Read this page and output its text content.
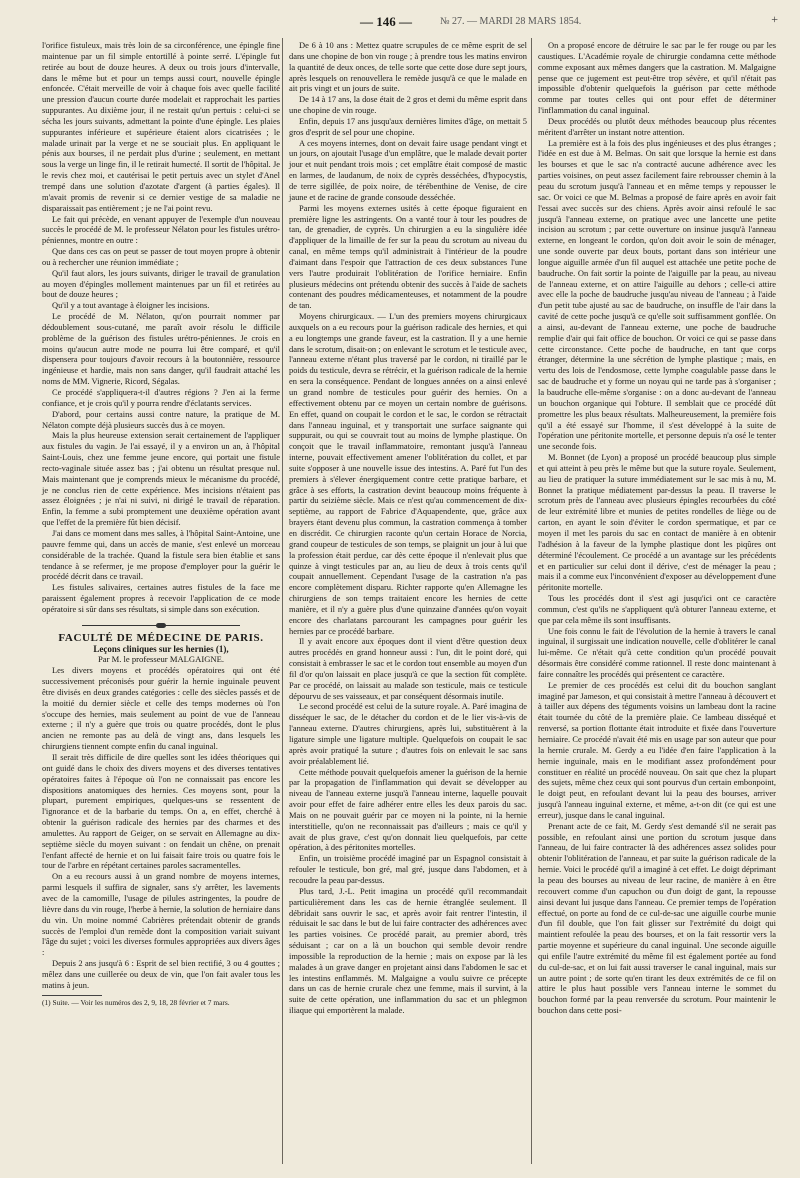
— 146 —	№ 27. — MARDI 28 MARS 1854.	+

l'orifice fistuleux, mais très loin de sa circonférence, une épingle fine maintenue par un fil simple entortillé à pointe serré. L'épingle fut retirée au bout de douze heures. A deux ou trois jours d'intervalle, dans le même but et pour un temps aussi court, nouvelle épingle enfoncée. C'était merveille de voir à chaque fois avec quelle facilité une pression d'aucun courte durée modelait et rapprochait les parties suppurantes. Au dixième jour, il ne restait qu'un pertuis : celui-ci se sécha les jours suivants, admettant la pointe d'une épingle. Les plaies suppurantes inférieure et supérieure étaient alors cicatrisées ; le malade urinait par la verge et ne se souciait plus. En appliquant le pénis aux bourses, il ne perdait plus d'urine ; seulement, en mettant sous la verge un linge fin, il le retirait humecté. Il sortit de l'hôpital. Je le revis chez moi, et cautérisai le petit pertuis avec un stylet d'Anel trempé dans une solution d'azotate d'argent (à parties égales). Il m'avait promis de revenir si ce dernier vestige de sa maladie ne disparaissait pas entièrement ; je ne l'ai point revu.

Le fait qui précède, en venant appuyer de l'exemple d'un nouveau succès le procédé de M. le professeur Nélaton pour les fistules urétro-péniennes, montre en outre :

Que dans ces cas on peut se passer de tout moyen propre à obtenir ou à rechercher une réunion immédiate ;

Qu'il faut alors, les jours suivants, diriger le travail de granulation au moyen d'épingles mollement maintenues par un fil et retirées au bout de douze heures ;

Qu'il y a tout avantage à éloigner les incisions.

Le procédé de M. Nélaton, qu'on pourrait nommer par dédoublement sous-cutané, me paraît avoir résolu le difficile problème de la guérison des fistules urétro-péniennes. Je crois en moins qu'aucun autre mode ne pourra lui être comparé, et qu'il dispensera pour toujours d'avoir recours à la boutonnière, ressource ingénieuse et hardie, mais non sans danger, qu'il faudrait attaché les noms de MM. Vignerie, Ricord, Ségalas.

Ce procédé s'appliquera-t-il d'autres régions ? J'en ai la ferme confiance, et je crois qu'il y pourra rendre d'éclatants services.

D'abord, pour certains aussi contre nature, la pratique de M. Nélaton compte déjà plusieurs succès dus à ce moyen.

Mais la plus heureuse extension serait certainement de l'appliquer aux fistules du vagin. Je l'ai essayé, il y a environ un an, à l'hôpital Saint-Louis, chez une femme jeune encore, qui portait une fistule recto-vaginale située assez bas ; j'ai obtenu un résultat presque nul. Mais maintenant que je comprends mieux le mécanisme du procédé, je ne conclus rien de cette expérience. Mes incisions n'étaient pas assez éloignées ; je n'ai ni suivi, ni dirigé le travail de réparation. Enfin, la femme a subi promptement une deuxième opération avant que l'effet de la première fût bien décisif.

J'ai dans ce moment dans mes salles, à l'hôpital Saint-Antoine, une pauvre femme qui, dans un accès de manie, s'est enlevé un morceau considérable de la trachée. Quand la fistule sera bien établie et sans tendance à se refermer, je me propose d'employer pour la guérir le procédé décrit dans ce travail.

Les fistules salivaires, certaines autres fistules de la face me paraissent également propres à recevoir l'application de ce mode opératoire si sûr dans ses résultats, si simple dans son exécution.

FACULTÉ DE MÉDECINE DE PARIS.

Leçons cliniques sur les hernies (1),

Par M. le professeur MALGAIGNE.

Les divers moyens et procédés opératoires qui ont été successivement préconisés pour guérir la hernie inguinale peuvent être divisés en deux grandes catégories : celle des siècles passés et de la moitié du dernier siècle et celle des temps modernes où l'on s'occupe des hernies, mais seulement au point de vue de l'anneau externe ; il n'y a guère que trois ou quatre procédés, dont le plus ancien ne remonte pas au delà de vingt ans, dans lesquels les chirurgiens tiennent compte enfin du canal inguinal.

Il serait très difficile de dire quelles sont les idées théoriques qui ont guidé dans le choix des divers moyens et des diverses tentatives opératoires faites à l'époque où l'on ne connaissait pas encore les dispositions anatomiques des hernies. Ces moyens sont, pour la plupart, purement empiriques, quelques-uns se ressentent de l'ignorance et de la barbarie du temps. On a, en effet, cherché à obtenir la guérison radicale des hernies par des charmes et des amulettes. Au rapport de Geiger, on se servait en Allemagne au dix-septième siècle du moyen suivant : on fendait un chêne, on prenait l'enfant affecté de hernie et on lui faisait faire trois ou quatre fois le tour de l'arbre en répétant certaines paroles sacramentelles.

On a eu recours aussi à un grand nombre de moyens internes, parmi lesquels il suffira de signaler, sans s'y arrêter, les lavements avec de la camomille, l'usage de pilules astringentes, la poudre de lièvre dans du vin rouge, l'herbe à hernie, la solution de herniaire dans du vin. Un moine nommé Cabrières prétendait obtenir de grands succès de l'emploi d'un remède dont la composition variait suivant l'âge du sujet ; voici les diverses formules appropriées aux divers âges :

Depuis 2 ans jusqu'à 6 : Esprit de sel bien rectifié, 3 ou 4 gouttes ; mêlez dans une cuillerée ou deux de vin, que l'on fait avaler tous les matins à jeun.

(1) Suite. — Voir les numéros des 2, 9, 18, 28 février et 7 mars.

De 6 à 10 ans : Mettez quatre scrupules de ce même esprit de sel dans une chopine de bon vin rouge ; à prendre tous les matins environ la quantité de deux onces, de telle sorte que cette dose dure sept jours, après lesquels on renouvellera le remède jusqu'à ce que le malade en ait pris vingt et un jours de suite.

De 14 à 17 ans, la dose était de 2 gros et demi du même esprit dans une chopine de vin rouge.

Enfin, depuis 17 ans jusqu'aux dernières limites d'âge, on mettait 5 gros d'esprit de sel pour une chopine.

A ces moyens internes, dont on devait faire usage pendant vingt et un jours, on ajoutait l'usage d'un emplâtre, que le malade devait porter jour et nuit pendant trois mois ; cet emplâtre était composé de mastic en larmes, de laudanum, de noix de cyprès desséchées, d'hypocystis, de terre sigillée, de poix noire, de térébenthine de Venise, de cire jaune et de racine de grande consoude desséchée.

Parmi les moyens externes usités à cette époque figuraient en première ligne les astringents. On a vanté tour à tour les poudres de tan, de grenadier, de cyprès. Un chirurgien a eu la singulière idée d'appliquer de la limaille de fer sur la peau du scrotum au niveau du canal, en même temps qu'il administrait à l'intérieur de la poudre d'aimant dans l'espoir que l'attraction de ces deux substances l'une vers l'autre produirait l'oblitération de l'orifice herniaire. Enfin plusieurs médecins ont prétendu obtenir des succès à l'aide de sachets contenant des poudres médicamenteuses, et notamment de la poudre de tan.

Moyens chirurgicaux. — L'un des premiers moyens chirurgicaux auxquels on a eu recours pour la guérison radicale des hernies, et qui a eu longtemps une grande faveur, est la castration. Il y a une hernie dans le scrotum, disait-on ; on enlevant le scrotum et le testicule avec, l'anneau externe n'étant plus traversé par le cordon, ni tiraillé par le poids du testicule, devra se rétrécir, et la guérison radicale de la hernie en sera la conséquence. Pendant de longues années on a ainsi enlevé un grand nombre de testicules pour guérir des hernies. On a effectivement obtenu par ce moyen un certain nombre de guérisons. En effet, quand on coupait le cordon et le sac, le cordon se rétractait dans l'anneau inguinal, et y transportait une surface saignante qui suppurait, ou qui se couvrait tout au moins de lymphe plastique. On conçoit que le travail inflammatoire, remontant jusqu'à l'anneau interne, pouvait effectivement amener l'oblitération du collet, et par suite s'opposer à une nouvelle issue des intestins. A. Paré fut l'un des premiers à s'élever énergiquement contre cette pratique barbare, et grâce à ses efforts, la castration devint beaucoup moins fréquente à partir du seizième siècle. Mais ce n'est qu'au commencement de dix-septième, au rapport de Fabrice d'Aquapendente, que, grâce aux brayers étant devenu plus commun, la castration commença à tomber en discrédit. Ce chirurgien raconte qu'un certain Horace de Norcia, grand coupeur de testicules de son temps, se plaignit un jour à lui que la profession était perdue, car dès cette époque il n'enlevait plus que quinze à vingt testicules par an, au lieu de deux à trois cents qu'il coupait annuellement. Cependant l'usage de la castration n'a pas encore complètement disparu. Richter rapporte qu'en Allemagne les chirurgiens de son temps traitaient encore les hernies de cette manière, et il n'y a guère plus d'une quinzaine d'années qu'on voyait encore des charlatans parcourant les campagnes pour guérir les hernies par ce procédé barbare.

Il y avait encore aux époques dont il vient d'être question deux autres procédés en grand honneur aussi : l'un, dit le point doré, qui consistait à embrasser le sac et le cordon tout ensemble au moyen d'un fil d'or qu'on laissait en place jusqu'à ce que la section fût complète. Par ce procédé, on laissait au malade son testicule, mais ce testicule dépourvu de ses vaisseaux, et par conséquent désormais inutile.

Le second procédé est celui de la suture royale. A. Paré imagina de disséquer le sac, de le détacher du cordon et de le lier vis-à-vis de l'anneau externe. D'autres chirurgiens, après lui, substituèrent à la ligature simple une ligature multiple. Quelquefois on coupait le sac après avoir pratiqué la suture ; d'autres fois on enlevait le sac sans avoir préalablement lié.

Cette méthode pouvait quelquefois amener la guérison de la hernie par la propagation de l'inflammation qui devait se développer au niveau de l'anneau externe jusqu'à l'anneau interne, laquelle pouvait avoir pour effet de faire adhérer entre elles les deux parois du sac. Mais on ne pouvait guérir par ce moyen ni la pointe, ni la hernie interstitielle, qu'on ne reconnaissait pas d'ailleurs ; mais ce qu'il y avait de plus grave, c'est qu'on donnait lieu quelquefois, par cette opération, à des péritonites mortelles.

Enfin, un troisième procédé imaginé par un Espagnol consistait à refouler le testicule, bon gré, mal gré, jusque dans l'abdomen, et à recoudre la peau par-dessus.

Plus tard, J.-L. Petit imagina un procédé qu'il recommandait particulièrement dans les cas de hernie étranglée seulement. Il débridait sans ouvrir le sac, et après avoir fait rentrer l'intestin, il réduisait le sac dans le but de lui faire contracter des adhérences avec les parties voisines. Ce procédé parait, au premier abord, très séduisant ; car on a là un bouchon qui semble devoir rendre impossible la reproduction de la hernie ; mais on expose par là les malades à un grave danger en projetant ainsi dans l'abdomen le sac et les intestins enflammés. M. Malgaigne a voulu suivre ce précepte dans un cas de hernie crurale chez une femme, mais il survint, à la suite de cette opération, une inflammation du sac et un phlegmon iliaque qui emportèrent la malade.

On a proposé encore de détruire le sac par le fer rouge ou par les caustiques. L'Académie royale de chirurgie condamna cette méthode comme exposant aux mêmes dangers que la castration. M. Malgaigne pense que ce jugement est peut-être trop sévère, et qu'il n'était pas impossible d'obtenir quelquefois la guérison par cette méthode comme par toutes celles qui ont pour effet de déterminer l'inflammation du canal inguinal.

Deux procédés ou plutôt deux méthodes beaucoup plus récentes méritent d'arrêter un instant notre attention.

La première est à la fois des plus ingénieuses et des plus étranges ; l'idée en est due à M. Belmas. On sait que lorsque la hernie est dans les bourses et que le sac n'a contracté aucune adhérence avec les parties voisines, on peut assez facilement faire rebrousser chemin à la peau du scrotum jusqu'à l'anneau et en même temps y repousser le sac. Or voici ce que M. Belmas a proposé de faire après en avoir fait l'essai avec succès sur des chiens. Après avoir ainsi refoulé le sac jusqu'à l'anneau externe, on pratique avec une lancette une petite incision au scrotum ; par cette ouverture on insinue jusqu'à l'anneau externe, en longeant le cordon, qu'on doit avoir le soin de ménager, une sonde ouverte par deux bouts, portant dans son intérieur une longue aiguille armée d'un fil auquel est attachée une petite poche de baudruche. On fait sortir la pointe de l'aiguille par la peau, au niveau de l'anneau externe, et on attire l'aiguille au dehors ; celle-ci attire avec elle la poche de baudruche jusqu'au niveau de l'anneau ; à l'aide d'un petit tube ajusté au sac de baudruche, on insuffle de l'air dans la cavité de cette poche jusqu'à ce qu'elle soit suffisamment gonflée. On a ainsi, au-devant de l'anneau externe, une poche de baudruche remplie d'air qui fait office de bouchon. Or voici ce qui se passe dans cette circonstance. Cette poche de baudruche, en tant que corps étranger, détermine la une sécrétion de lymphe plastique ; mais, en vertu des lois de l'endosmose, cette lymphe coagulable passe dans le sac de baudruche et y forme un noyau qui ne tarde pas à s'organiser ; la baudruche elle-même s'organise : on a donc au-devant de l'anneau un bouchon organique qui l'obture. Il semblait que ce procédé dût promettre les plus beaux résultats. Malheureusement, la première fois qu'il a été essayé sur l'homme, il s'est développé à la suite de l'opération une péritonite mortelle, et personne depuis n'a osé le tenter une seconde fois.

M. Bonnet (de Lyon) a proposé un procédé beaucoup plus simple et qui atteint à peu près le même but que la suture royale. Seulement, au lieu de pratiquer la suture immédiatement sur le sac mis à nu, M. Bonnet la pratique médiatement par-dessus la peau. Il traverse le scrotum près de l'anneau avec plusieurs épingles recourbées du côté de leur extrémité libre et munies de petites rondelles de liège ou de carton, en ayant le soin d'éviter le cordon spermatique, et par ce moyen il met les parois du sac en contact de manière à en obtenir l'adhésion à la faveur de la lymphe plastique dont les piqûres ont déterminé l'écoulement. Ce procédé a un avantage sur les précédents et en particulier sur celui dont il dérive, c'est de ménager la peau ; mais il a comme eux l'inconvénient d'exposer au développement d'une péritonite mortelle.

Tous les procédés dont il s'est agi jusqu'ici ont ce caractère commun, c'est qu'ils ne s'appliquent qu'à obturer l'anneau externe, et que par cela même ils sont insuffisants.

Une fois connu le fait de l'évolution de la hernie à travers le canal inguinal, il surgissait une indication nouvelle, celle d'oblitérer le canal lui-même. Ce n'était qu'à cette condition qu'un procédé pouvait désormais être considéré comme rationnel. Il reste donc maintenant à faire connaître les procédés qui présentent ce caractère.

Le premier de ces procédés est celui dit du bouchon sanglant imaginé par Jameson, et qui consistait à mettre l'anneau à découvert et à tailler aux dépens des téguments voisins un lambeau dont la racine était tournée du côté de la première plaie. Ce lambeau disséqué et renversé, sa portion flottante était introduite et fixée dans l'ouverture herniaire. Ce procédé n'avait été mis en usage par son auteur que pour la hernie crurale. M. Gerdy a eu l'idée d'en faire l'application à la hernie inguinale, mais en le modifiant assez profondément pour constituer en réalité un procédé nouveau. On sait que chez la plupart des sujets, même chez ceux qui sont pourvus d'un certain embonpoint, le doigt peut, en refoulant devant lui la peau des bourses, arriver jusqu'à l'anneau inguinal externe, et même, a-t-on dit (ce qui est une erreur), jusque dans le canal inguinal.

Prenant acte de ce fait, M. Gerdy s'est demandé s'il ne serait pas possible, en refoulant ainsi une portion du scrotum jusque dans l'anneau, de lui faire contracter là des adhérences assez solides pour obtenir l'oblitération de l'anneau, et par suite la guérison radicale de la hernie. Voici le procédé qu'il a imaginé à cet effet. Le doigt déprimant la peau des bourses au niveau de leur racine, de manière à en être recouvert comme d'un capuchon ou d'un doigt de gant, la repousse ainsi devant lui jusque dans l'anneau. Ce premier temps de l'opération effectué, on porte au fond de ce cul-de-sac une aiguille courbe munie d'un fil double, que l'on fait glisser sur l'extrémité du doigt qui maintient refoulée la peau des bourses, et on la fait ressortir vers la partie moyenne et supérieure du canal inguinal. Une seconde aiguille qui enfile l'autre extrémité du même fil est également portée au fond du cul-de-sac, et on lui fait aussi traverser le canal inguinal, mais sur un autre point ; de sorte qu'en tirant les deux extrémités de ce fil on attire le plus haut possible vers l'anneau interne le sommet du bouchon formé par la peau renversée du scrotum. Pour maintenir le bouchon dans cette posi-
